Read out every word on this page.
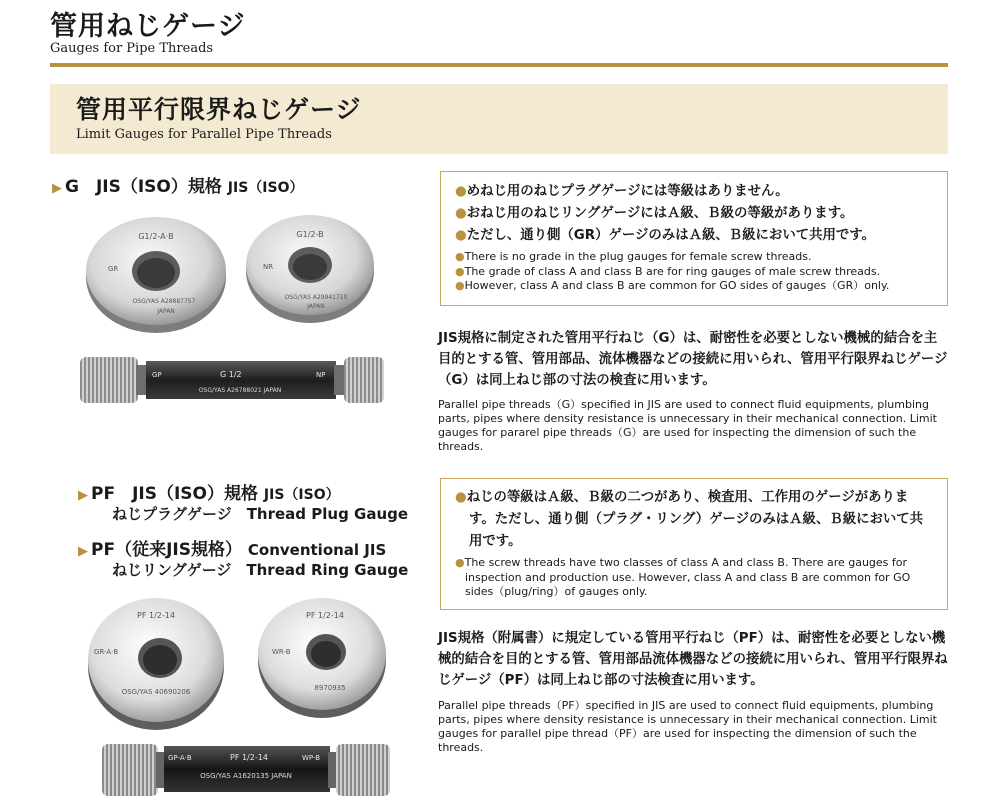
管用ねじゲージ
Gauges for Pipe Threads
管用平行限界ねじゲージ
Limit Gauges for Parallel Pipe Threads
▶ G　JIS（ISO）規格 JIS（ISO）
G1/2-A·B
GR
OSG/YAS A28887757
JAPAN
G1/2-B
NR
OSG/YAS A29941710
JAPAN
GP	G 1/2	NP
OSG/YAS A26788021 JAPAN
●めねじ用のねじプラグゲージには等級はありません。
●おねじ用のねじリングゲージにはＡ級、Ｂ級の等級があります。
●ただし、通り側（GR）ゲージのみはＡ級、Ｂ級において共用です。
●There is no grade in the plug gauges for female screw threads.
●The grade of class A and class B are for ring gauges of male screw threads.
●However, class A and class B are common for GO sides of gauges（GR）only.
JIS規格に制定された管用平行ねじ（G）は、耐密性を必要としない機械的結合を主目的とする管、管用部品、流体機器などの接続に用いられ、管用平行限界ねじゲージ（G）は同上ねじ部の寸法の検査に用います。
Parallel pipe threads（G）specified in JIS are used to connect fluid equipments, plumbing parts, pipes where density resistance is unnecessary in their mechanical connection. Limit gauges for pararel pipe threads（G）are used for inspecting the dimension of such the threads.
▶ PF　JIS（ISO）規格 JIS（ISO）
ねじプラグゲージ　Thread Plug Gauge
▶ PF（従来JIS規格） Conventional JIS
ねじリングゲージ　Thread Ring Gauge
PF 1/2-14
GR-A·B
OSG/YAS 40690206
PF 1/2-14
WR-B
8970935
GP-A·B	PF 1/2-14	WP-B
OSG/YAS A1620135 JAPAN
●ねじの等級はＡ級、Ｂ級の二つがあり、検査用、工作用のゲージがあります。ただし、通り側（プラグ・リング）ゲージのみはＡ級、Ｂ級において共用です。
●The screw threads have two classes of class A and class B. There are gauges for inspection and production use. However, class A and class B are common for GO sides（plug/ring）of gauges only.
JIS規格（附属書）に規定している管用平行ねじ（PF）は、耐密性を必要としない機械的結合を目的とする管、管用部品流体機器などの接続に用いられ、管用平行限界ねじゲージ（PF）は同上ねじ部の寸法検査に用います。
Parallel pipe threads（PF）specified in JIS are used to connect fluid equipments, plumbing parts, pipes where density resistance is unnecessary in their mechanical connection. Limit gauges for parallel pipe thread（PF）are used for inspecting the dimension of such the threads.
